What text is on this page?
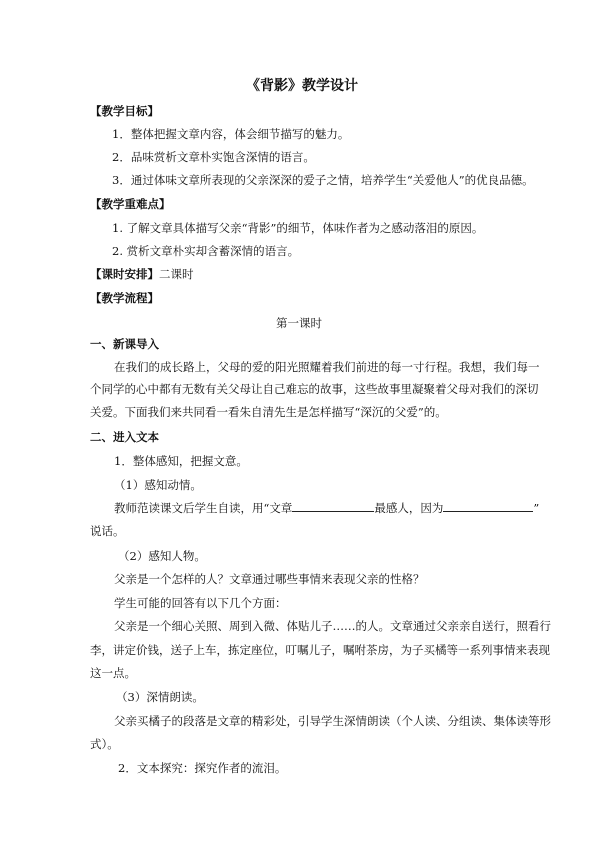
《背影》教学设计
【教学目标】
1．整体把握文章内容，体会细节描写的魅力。
2．品味赏析文章朴实饱含深情的语言。
3．通过体味文章所表现的父亲深深的爱子之情，培养学生“关爱他人”的优良品德。
【教学重难点】
1. 了解文章具体描写父亲“背影”的细节，体味作者为之感动落泪的原因。
2. 赏析文章朴实却含蓄深情的语言。
【课时安排】二课时
【教学流程】
第一课时
一、新课导入
在我们的成长路上，父母的爱的阳光照耀着我们前进的每一寸行程。我想，我们每一
个同学的心中都有无数有关父母让自己难忘的故事，这些故事里凝聚着父母对我们的深切
关爱。下面我们来共同看一看朱自清先生是怎样描写“深沉的父爱”的。
二、进入文本
1．整体感知，把握文意。
（1）感知动情。
教师范读课文后学生自读，用“文章	最感人，因为	”
说话。
（2）感知人物。
父亲是一个怎样的人？文章通过哪些事情来表现父亲的性格？
学生可能的回答有以下几个方面：
父亲是一个细心关照、周到入微、体贴儿子……的人。文章通过父亲亲自送行，照看行
李，讲定价钱，送子上车，拣定座位，叮嘱儿子，嘱咐茶房，为子买橘等一系列事情来表现
这一点。
（3）深情朗读。
父亲买橘子的段落是文章的精彩处，引导学生深情朗读（个人读、分组读、集体读等形
式）。
2．文本探究：探究作者的流泪。
